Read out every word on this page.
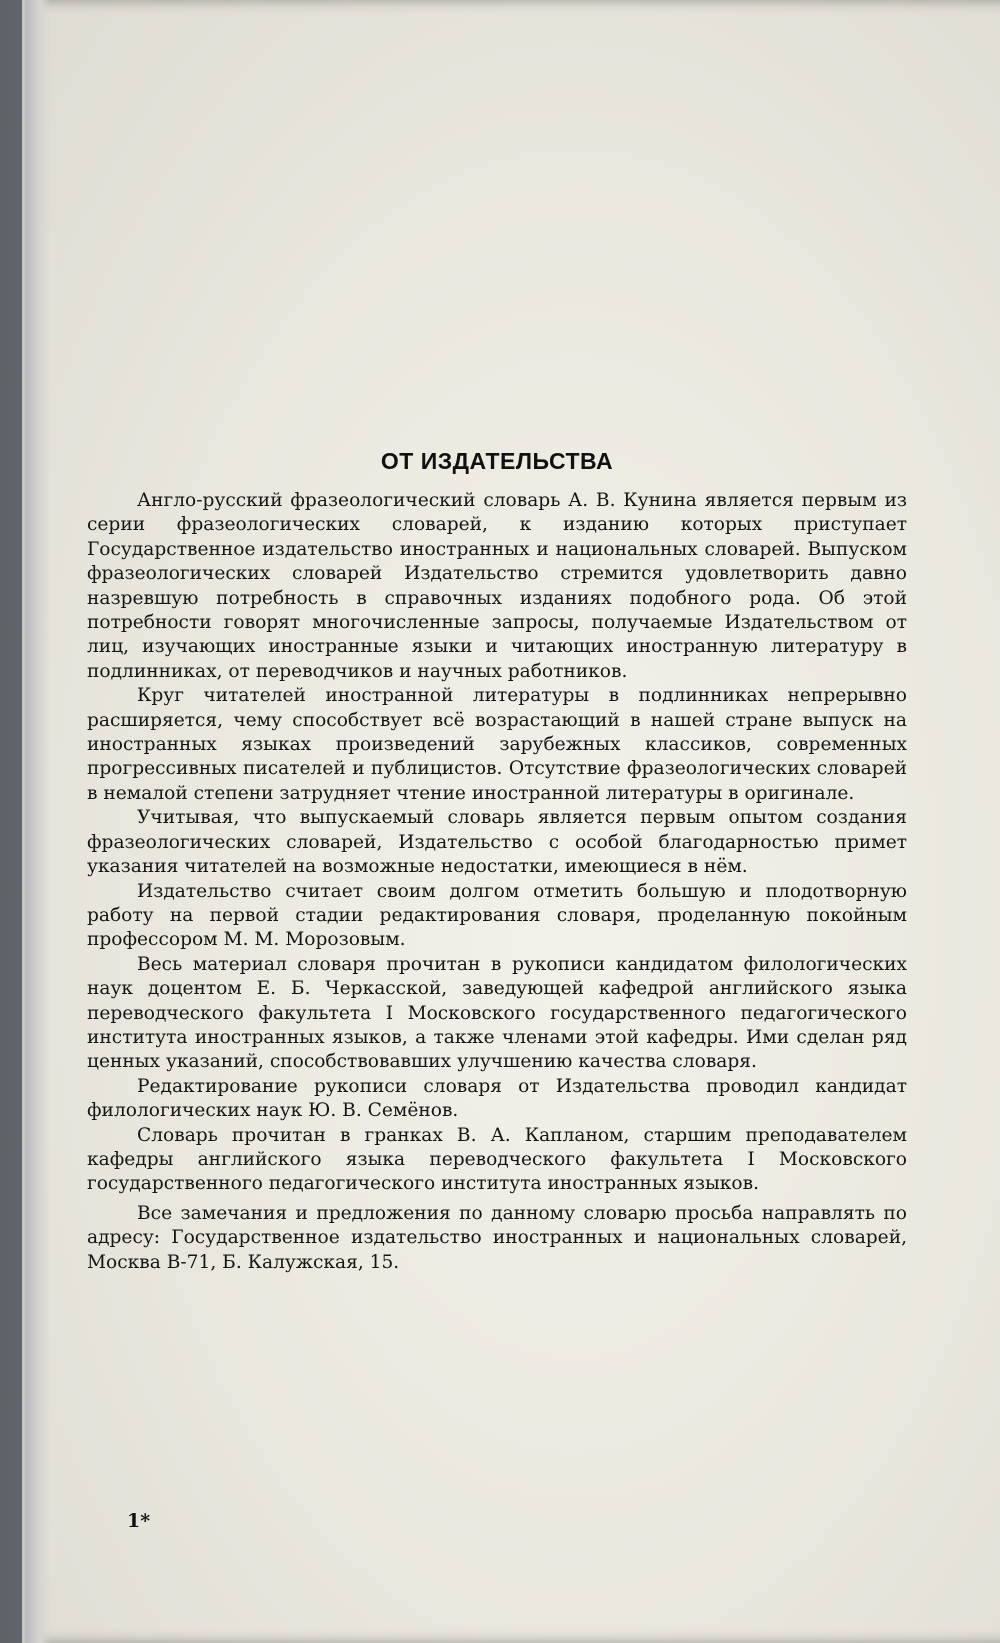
ОТ ИЗДАТЕЛЬСТВА

Англо-русский фразеологический словарь А. В. Кунина является первым из серии фразеологических словарей, к изданию которых приступает Государственное издательство иностранных и национальных словарей. Выпуском фразеологических словарей Издательство стремится удовлетворить давно назревшую потребность в справочных изданиях подобного рода. Об этой потребности говорят многочисленные запросы, получаемые Издательством от лиц, изучающих иностранные языки и читающих иностранную литературу в подлинниках, от переводчиков и научных работников.

Круг читателей иностранной литературы в подлинниках непрерывно расширяется, чему способствует всё возрастающий в нашей стране выпуск на иностранных языках произведений зарубежных классиков, современных прогрессивных писателей и публицистов. Отсутствие фразеологических словарей в немалой степени затрудняет чтение иностранной литературы в оригинале.

Учитывая, что выпускаемый словарь является первым опытом создания фразеологических словарей, Издательство с особой благодарностью примет указания читателей на возможные недостатки, имеющиеся в нём.

Издательство считает своим долгом отметить большую и плодотворную работу на первой стадии редактирования словаря, проделанную покойным профессором М. М. Морозовым.

Весь материал словаря прочитан в рукописи кандидатом филологических наук доцентом Е. Б. Черкасской, заведующей кафедрой английского языка переводческого факультета I Московского государственного педагогического института иностранных языков, а также членами этой кафедры. Ими сделан ряд ценных указаний, способствовавших улучшению качества словаря.

Редактирование рукописи словаря от Издательства проводил кандидат филологических наук Ю. В. Семёнов.

Словарь прочитан в гранках В. А. Капланом, старшим преподавателем кафедры английского языка переводческого факультета I Московского государственного педагогического института иностранных языков.

Все замечания и предложения по данному словарю просьба направлять по адресу: Государственное издательство иностранных и национальных словарей, Москва В-71, Б. Калужская, 15.

1*
